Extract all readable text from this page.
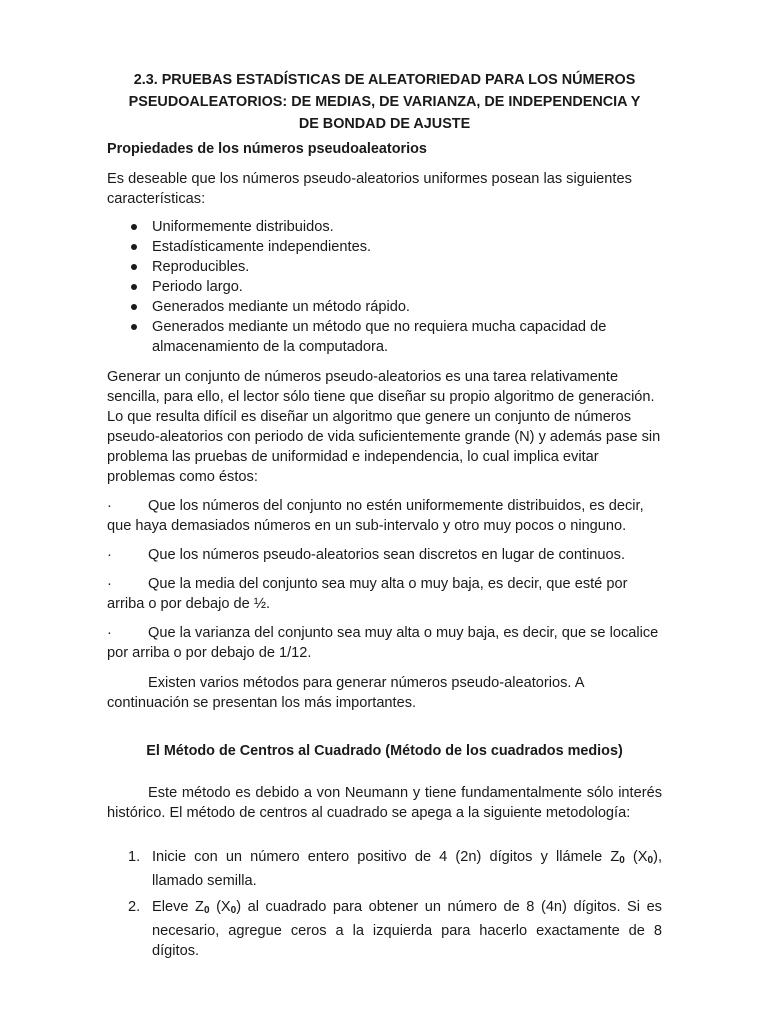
2.3. PRUEBAS ESTADÍSTICAS DE ALEATORIEDAD PARA LOS NÚMEROS
PSEUDOALEATORIOS: DE MEDIAS, DE VARIANZA, DE INDEPENDENCIA Y
DE BONDAD DE AJUSTE
Propiedades de los números pseudoaleatorios

Es deseable que los números pseudo-aleatorios uniformes posean las siguientes características:

Uniformemente distribuidos.
Estadísticamente independientes.
Reproducibles.
Periodo largo.
Generados mediante un método rápido.
Generados mediante un método que no requiera mucha capacidad de almacenamiento de la computadora.

Generar un conjunto de números pseudo-aleatorios es una tarea relativamente sencilla, para ello, el lector sólo tiene que diseñar su propio algoritmo de generación. Lo que resulta difícil es diseñar un algoritmo que genere un conjunto de números pseudo-aleatorios con periodo de vida suficientemente grande (N) y además pase sin problema las pruebas de uniformidad e independencia, lo cual implica evitar problemas como éstos:

· Que los números del conjunto no estén uniformemente distribuidos, es decir, que haya demasiados números en un sub-intervalo y otro muy pocos o ninguno.

· Que los números pseudo-aleatorios sean discretos en lugar de continuos.

· Que la media del conjunto sea muy alta o muy baja, es decir, que esté por arriba o por debajo de ½.

· Que la varianza del conjunto sea muy alta o muy baja, es decir, que se localice por arriba o por debajo de 1/12.

Existen varios métodos para generar números pseudo-aleatorios. A continuación se presentan los más importantes.

El Método de Centros al Cuadrado (Método de los cuadrados medios)

Este método es debido a von Neumann y tiene fundamentalmente sólo interés histórico. El método de centros al cuadrado se apega a la siguiente metodología:

1. Inicie con un número entero positivo de 4 (2n) dígitos y llámele $Z_0$ $(X_0)$, llamado semilla.
2. Eleve $Z_0$ $(X_0)$ al cuadrado para obtener un número de 8 (4n) dígitos. Si es necesario, agregue ceros a la izquierda para hacerlo exactamente de 8 dígitos.
